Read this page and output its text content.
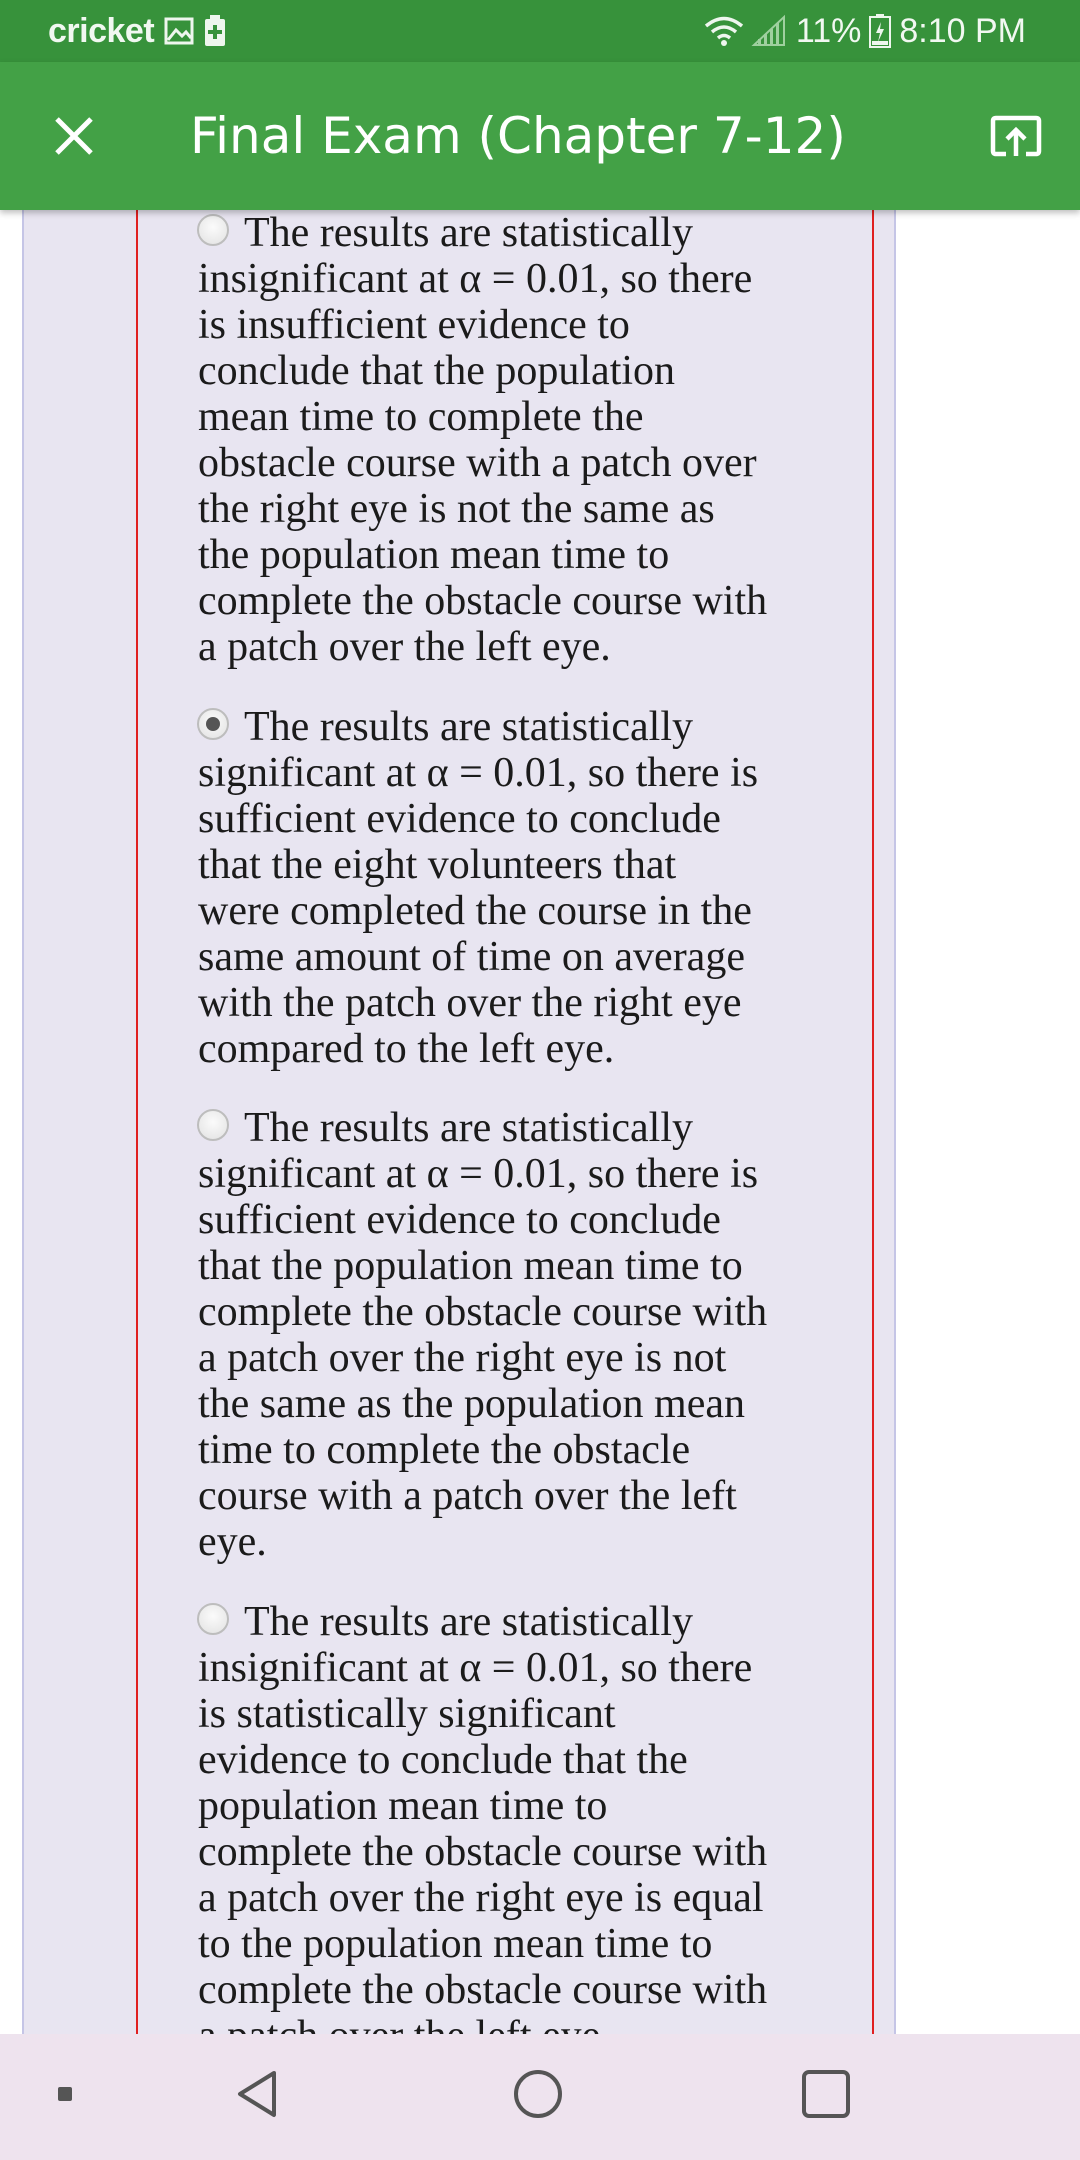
cricket	11% 8:10 PM
Final Exam (Chapter 7-12)
The results are statistically
insignificant at α = 0.01, so there
is insufficient evidence to
conclude that the population
mean time to complete the
obstacle course with a patch over
the right eye is not the same as
the population mean time to
complete the obstacle course with
a patch over the left eye.
The results are statistically
significant at α = 0.01, so there is
sufficient evidence to conclude
that the eight volunteers that
were completed the course in the
same amount of time on average
with the patch over the right eye
compared to the left eye.
The results are statistically
significant at α = 0.01, so there is
sufficient evidence to conclude
that the population mean time to
complete the obstacle course with
a patch over the right eye is not
the same as the population mean
time to complete the obstacle
course with a patch over the left
eye.
The results are statistically
insignificant at α = 0.01, so there
is statistically significant
evidence to conclude that the
population mean time to
complete the obstacle course with
a patch over the right eye is equal
to the population mean time to
complete the obstacle course with
